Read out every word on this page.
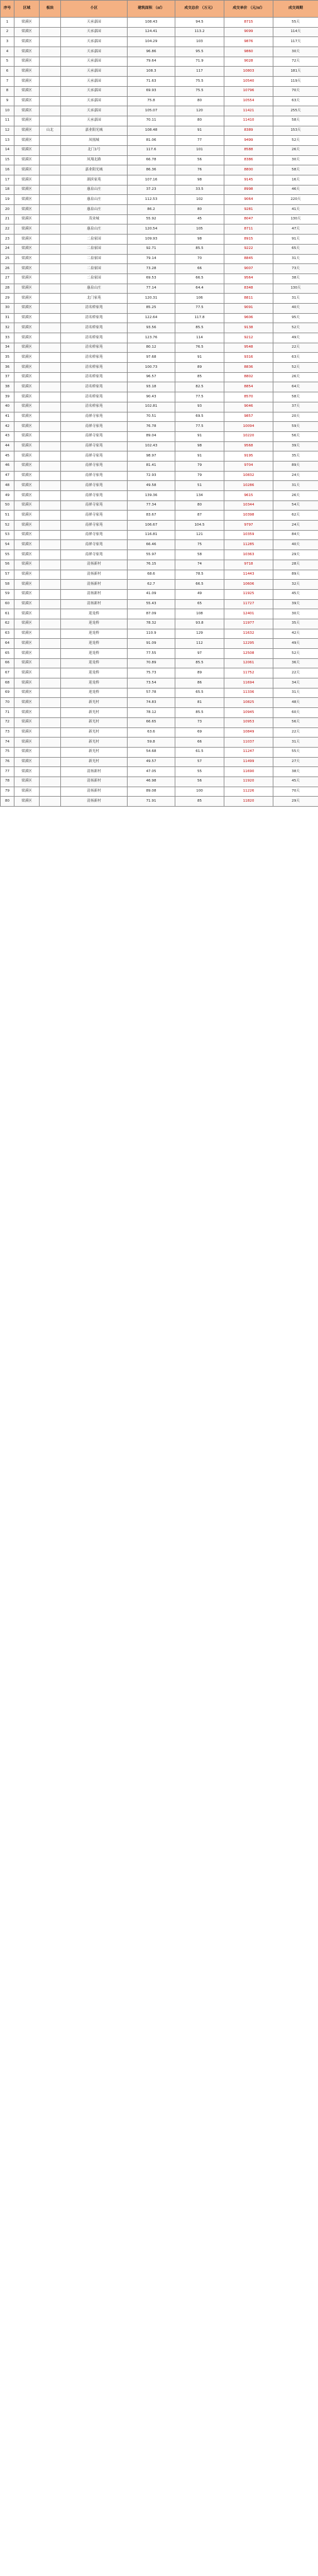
序号	区域	板块	小区	建筑面积 （㎡）	成交总价 （万元）	成交单价 （元/㎡）	成交周期
1	梁溪区		天承嘉园	108.43	94.5	8715	55天
2	梁溪区		天承嘉园	124.41	113.2	9099	114天
3	梁溪区		天承嘉园	104.29	103	9876	117天
4	梁溪区		天承嘉园	96.86	95.5	9860	30天
5	梁溪区		天承嘉园	79.64	71.9	9028	72天
6	梁溪区		天承嘉园	108.3	117	10803	181天
7	梁溪区		天承嘉园	71.63	75.5	10540	119天
8	梁溪区		天承嘉园	69.93	75.5	10796	70天
9	梁溪区		天承嘉园	75.8	80	10554	63天
10	梁溪区		天承嘉园	105.07	120	11421	255天
11	梁溪区		天承嘉园	70.11	80	11410	58天
12	梁溪区	山北	嘉业阳光城	108.48	91	8389	153天
13	梁溪区		凤凰城	81.06	77	9499	52天
14	梁溪区		北门1号	117.6	101	8588	26天
15	梁溪区		凤翔北路	66.78	56	8386	30天
16	梁溪区		嘉业阳光城	86.36	76	8800	58天
17	梁溪区		湖滨家苑	107.16	98	9145	16天
18	梁溪区		惠泉山庄	37.23	33.5	8998	46天
19	梁溪区		惠泉山庄	112.53	102	9064	220天
20	梁溪区		惠泉山庄	86.2	80	9281	41天
21	梁溪区		茂业城	55.92	45	8047	130天
22	梁溪区		惠泉山庄	120.54	105	8711	47天
23	梁溪区		二泉家园	109.93	98	8915	91天
24	梁溪区		二泉家园	92.71	85.5	9222	65天
25	梁溪区		二泉家园	79.14	70	8845	31天
26	梁溪区		二泉家园	73.28	66	9007	73天
27	梁溪区		二泉家园	69.53	66.5	9564	38天
28	梁溪区		惠泉山庄	77.14	64.4	8348	130天
29	梁溪区		北门家苑	120.31	106	8811	31天
30	梁溪区		清名桥家苑	85.25	77.5	9091	40天
31	梁溪区		清名桥家苑	122.64	117.8	9606	95天
32	梁溪区		清名桥家苑	93.56	85.5	9138	52天
33	梁溪区		清名桥家苑	123.76	114	9212	49天
34	梁溪区		清名桥家苑	80.12	76.5	9548	22天
35	梁溪区		清名桥家苑	97.68	91	9316	63天
36	梁溪区		清名桥家苑	100.73	89	8836	52天
37	梁溪区		清名桥家苑	96.57	85	8802	26天
38	梁溪区		清名桥家苑	93.18	82.5	8854	64天
39	梁溪区		清名桥家苑	90.43	77.5	8570	58天
40	梁溪区		清名桥家苑	102.81	93	9046	37天
41	梁溪区		南禅寺家苑	70.51	69.5	9857	20天
42	梁溪区		南禅寺家苑	76.78	77.5	10094	59天
43	梁溪区		南禅寺家苑	89.04	91	10220	56天
44	梁溪区		南禅寺家苑	102.43	98	9568	39天
45	梁溪区		南禅寺家苑	98.97	91	9195	35天
46	梁溪区		南禅寺家苑	81.41	79	9704	89天
47	梁溪区		南禅寺家苑	72.93	79	10832	24天
48	梁溪区		南禅寺家苑	49.58	51	10286	31天
49	梁溪区		南禅寺家苑	139.36	134	9615	26天
50	梁溪区		南禅寺家苑	77.34	80	10344	54天
51	梁溪区		南禅寺家苑	83.67	87	10398	62天
52	梁溪区		南禅寺家苑	106.67	104.5	9797	24天
53	梁溪区		南禅寺家苑	116.81	121	10359	84天
54	梁溪区		南禅寺家苑	66.46	75	11285	40天
55	梁溪区		南禅寺家苑	55.97	58	10363	29天
56	梁溪区		清扬新村	76.15	74	9718	28天
57	梁溪区		清扬新村	68.6	78.5	11443	89天
58	梁溪区		清扬新村	62.7	66.5	10606	32天
59	梁溪区		清扬新村	41.09	49	11925	45天
60	梁溪区		清扬新村	55.43	65	11727	39天
61	梁溪区		迎龙桥	87.09	108	12401	30天
62	梁溪区		迎龙桥	78.32	93.8	11977	35天
63	梁溪区		迎龙桥	110.9	129	11632	42天
64	梁溪区		迎龙桥	91.09	112	12295	49天
65	梁溪区		迎龙桥	77.55	97	12508	52天
66	梁溪区		迎龙桥	70.89	85.5	12061	36天
67	梁溪区		迎龙桥	75.73	89	11752	22天
68	梁溪区		迎龙桥	73.54	86	11694	34天
69	梁溪区		迎龙桥	57.78	65.5	11336	31天
70	梁溪区		新光村	74.83	81	10825	48天
71	梁溪区		新光村	78.12	85.5	10945	60天
72	梁溪区		新光村	66.65	73	10953	56天
73	梁溪区		新光村	63.6	69	10849	22天
74	梁溪区		新光村	59.8	66	11037	31天
75	梁溪区		新光村	54.68	61.5	11247	55天
76	梁溪区		新光村	49.57	57	11499	27天
77	梁溪区		清扬新村	47.05	55	11690	38天
78	梁溪区		清扬新村	46.98	56	11920	45天
79	梁溪区		清扬新村	89.08	100	11226	70天
80	梁溪区		清扬新村	71.91	85	11820	29天
